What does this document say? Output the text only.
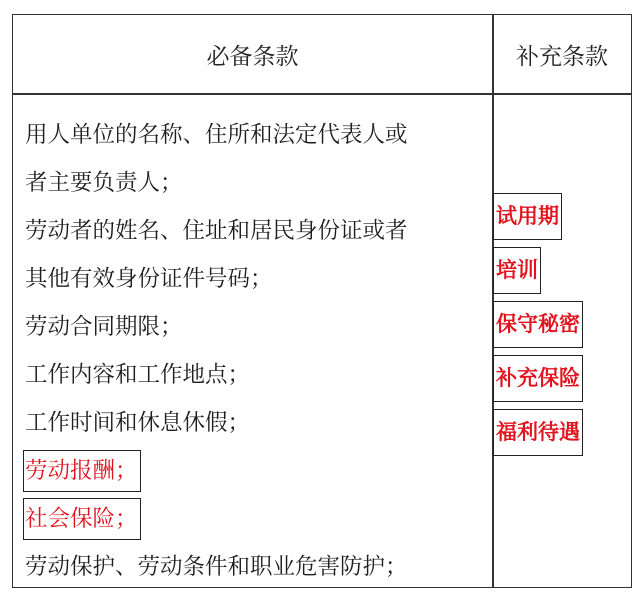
必备条款	补充条款
用人单位的名称、住所和法定代表人或
者主要负责人；
劳动者的姓名、住址和居民身份证或者
其他有效身份证件号码；
劳动合同期限；
工作内容和工作地点；
工作时间和休息休假；
劳动报酬；
社会保险；
劳动保护、劳动条件和职业危害防护；
试用期
培训
保守秘密
补充保险
福利待遇
